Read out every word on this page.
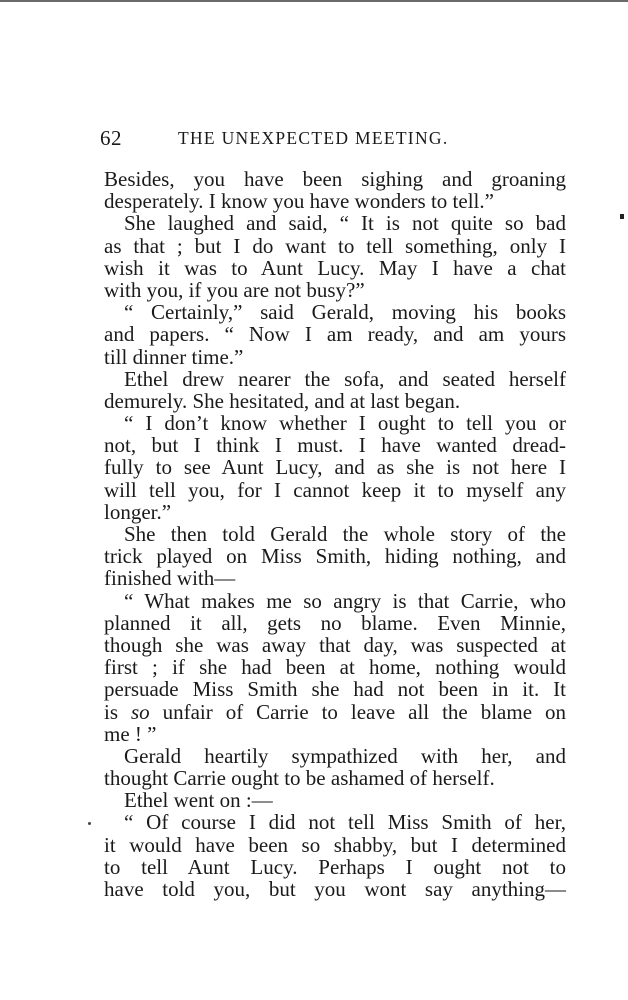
62	THE UNEXPECTED MEETING.
Besides, you have been sighing and groaning
desperately. I know you have wonders to tell.”
She laughed and said, “ It is not quite so bad
as that ; but I do want to tell something, only I
wish it was to Aunt Lucy. May I have a chat
with you, if you are not busy?”
“ Certainly,” said Gerald, moving his books
and papers. “ Now I am ready, and am yours
till dinner time.”
Ethel drew nearer the sofa, and seated herself
demurely. She hesitated, and at last began.
“ I don’t know whether I ought to tell you or
not, but I think I must. I have wanted dread-
fully to see Aunt Lucy, and as she is not here I
will tell you, for I cannot keep it to myself any
longer.”
She then told Gerald the whole story of the
trick played on Miss Smith, hiding nothing, and
finished with—
“ What makes me so angry is that Carrie, who
planned it all, gets no blame. Even Minnie,
though she was away that day, was suspected at
first ; if she had been at home, nothing would
persuade Miss Smith she had not been in it. It
is so unfair of Carrie to leave all the blame on
me ! ”
Gerald heartily sympathized with her, and
thought Carrie ought to be ashamed of herself.
Ethel went on :—
“ Of course I did not tell Miss Smith of her,
it would have been so shabby, but I determined
to tell Aunt Lucy. Perhaps I ought not to
have told you, but you wont say anything—
